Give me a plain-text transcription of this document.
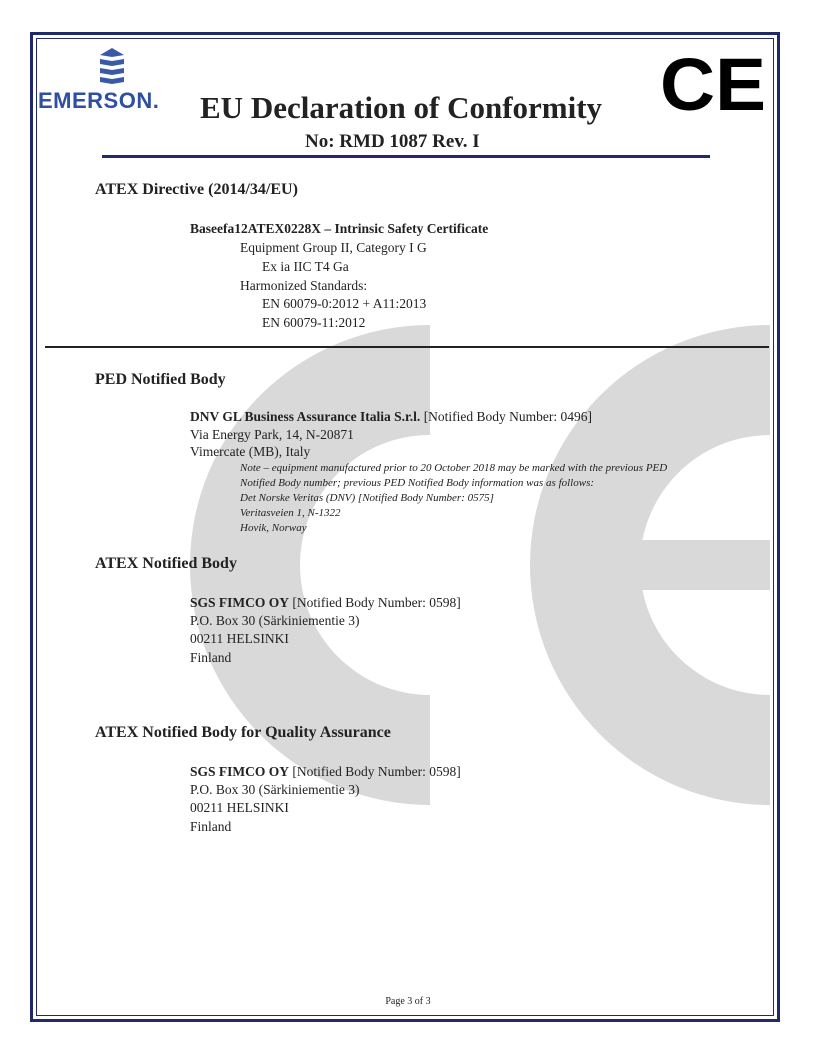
EMERSON.	CE
EU Declaration of Conformity
No: RMD 1087 Rev. I
ATEX Directive (2014/34/EU)
Baseefa12ATEX0228X – Intrinsic Safety Certificate
Equipment Group II, Category I G
Ex ia IIC T4 Ga
Harmonized Standards:
EN 60079-0:2012 + A11:2013
EN 60079-11:2012
PED Notified Body
DNV GL Business Assurance Italia S.r.l. [Notified Body Number: 0496]
Via Energy Park, 14, N-20871
Vimercate (MB), Italy
Note – equipment manufactured prior to 20 October 2018 may be marked with the previous PED
Notified Body number; previous PED Notified Body information was as follows:
Det Norske Veritas (DNV) [Notified Body Number: 0575]
Veritasveien 1, N-1322
Hovik, Norway
ATEX Notified Body
SGS FIMCO OY [Notified Body Number: 0598]
P.O. Box 30 (Särkiniementie 3)
00211 HELSINKI
Finland
ATEX Notified Body for Quality Assurance
SGS FIMCO OY [Notified Body Number: 0598]
P.O. Box 30 (Särkiniementie 3)
00211 HELSINKI
Finland
Page 3 of 3
